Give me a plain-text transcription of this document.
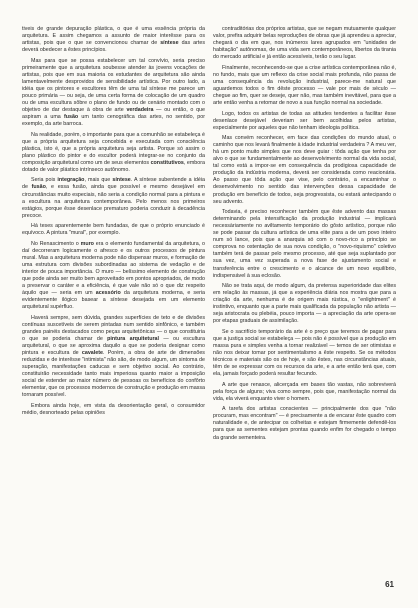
tiveis de grande depuração plástica, o que é uma essência própria da arquitetura. E assim chegamos a assunto de maior interêsse para os artistas, pois que o que se convencionou chamar de síntese das artes deverá obedecer a êstes princípios.

Mas para que se possa estabelecer um tal convívio, seria preciso primeiramente que a arquitetura soubesse atender às jovens vocações de artistas, pois que em sua maioria os estudantes de arquitetura são ainda lamentavelmente desprovidos de sensibilidade artística. Por outro lado, a idéia que os pintores e escultores têm de uma tal síntese me parece um pouco primária — ou seja, de uma certa forma de colocação de um quadro ou de uma escultura sôbre o plano de fundo ou de cenário montado com o objetivo de dar destaque à obra de arte verdadeira — ou então, o que aspiram a uma fusão um tanto cenográfica das artes, no sentido, por exemplo, da arte barroca.

Na realidade, porém, o importante para que a comunhão se estabeleça é que a própria arquitetura seja concebida e executada com consciência plástica, isto é, que a própria arquitetura seja artista. Porque só assim o plano plástico do pintor e do escultor poderá integrar-se no conjunto da composição arquitetural como um de seus elementos constitutivos, embora dotado de valor plástico intrínseco autônomo.

Seria pois integração, mais que síntese. A síntese subentende a idéia de fusão, e essa fusão, ainda que possível e mesmo desejável em circunstâncias muito especiais, não seria a condição normal para a pintura e a escultura na arquitetura contemporânea. Pelo menos nos primeiros estágios, porque êsse desenlace prematuro poderia conduzir à decadência precoce.

Há teses aparentemente bem fundadas, de que o próprio enunciado é equívoco. A pintura "mural", por exemplo.

No Renascimento o muro era o elemento fundamental da arquitetura, o daí decorreram logicamente o afresco e os outros processos de pintura mural. Mas a arquitetura moderna pode não dispensar muros, e formação de uma estrutura com divisões subordinadas ao sistema de vedação e de interior de pouca importância. O muro — belíssimo elemento de construção que pode ainda ser muito bem aproveitado em pontos apropriados, de modo a preservar o caráter e a eficiência, é que vale não só o que diz respeito àquilo que — seria em um acessório da arquitetura moderna, e seria evidentemente ilógico basear a síntese desejada em um elemento arquitetural supérfluo.

Haverá sempre, sem dúvida, grandes superfícies de teto e de divisões contínuas suscetíveis de serem pintadas num sentido sinfônico, e também grandes painéis destacados como peças arquitetônicas — o que constituiria o que se poderia chamar de pintura arquitetural — ou escultura arquitetural, o que se aproxima daquilo a que se poderia designar como pintura e escultura de cavalete. Porém, a obra de arte de dimensões reduzidas e de interêsse "intimista" não são, de modo algum, um sintoma de superação, manifestações caducas e sem objetivo social. Ao contrário, constituirão necessidade tanto mais imperiosa quanto maior a imposição social de estender ao maior número de pessoas os benefícios do confôrto elementar, que os processos modernos de construção e produção em massa tornaram possível.

Embora ainda hoje, em vista da desorientação geral, o consumidor médio, desnorteado pelas opiniões

contraditórias dos próprios artistas, que se negam mutuamente qualquer valor, prefira adquirir belas reproduções de obras que já aprendeu a apreciar, chegará o dia em que, nos inúmeros lares agrupados em "unidades de habitação" autônomas, de uma vida sem contemporâneos, libertos da tirania do mercado artificial e já então acessíveis, terão o seu lugar.

Finalmente, reconhecendo-se que a crise artística contemporânea não é, no fundo, mais que um reflexo da crise social mais profunda, não passa de uma consequência da revolução industrial, parece-me natural que aguardemos todos o fim dêste processo — vale por mais de século — chegue ao fim, quer se deseje, quer não, mas também inevitável, para que a arte então venha a retomar de novo a sua função normal na sociedade.

Logo, todos os artistas de todas as atitudes tendentes a facilitar êsse desenlace desejável deveriam ser bem acolhidas pelos artistas, especialmente por aqueles que não tenham ideologia política.

Mas convém reconhecer, em face das condições do mundo atual, o caminho que nos levará finalmente à idade industrial verdadeira ? A meu ver, há um ponto muito simples que nos deve guiar : tôda ação que tenha por alvo o que se fundamentalmente ao desenvolvimento normal da vida social, tal como está a impor-se em consequência da prodigiosa capacidade de produção da indústria moderna, deverá ser considerada como reacionária. Ao passo que tôda ação que vise, pelo contrário, a encaminhar o desenvolvimento no sentido das intervenções dessa capacidade de produção em benefício de todos, seja progressista, ou estará antecipando o seu advento.

Todavia, é preciso reconhecer também que êste advento das massas determinando pela intensificação da produção industrial — implicará necessàriamente no aviltamento temporário do gôsto artístico, porque não se pode passar da cultura artística de uma elite para a de um povo inteiro num só lance, pois que a anarquia só com o novo-rico a princípio se comprova no ostentação de sua nova condição, o "novo-riquismo" coletivo também terá de passar pelo mesmo processo, até que seja suplantado por sua vez, uma vez superada a nova fase de ajustamento social e transferência entre o crescimento e o alcance de um novo equilíbrio, indispensável à sua eclosão.

Não se trata aqui, de modo algum, da pretensa superioridade das elites em relação às massas, já que a experiência diária nos mostra que para a criação da arte, nenhuma é de origem mais rústica, o "enlightment" é instintivo, enquanto que a parte mais qualificada da população não artista — seja aristocrata ou plebéia, pouco importa — a apreciação da arte opera-se por etapas graduais de assimilação.

Se o sacrifício temporário da arte é o preço que teremos de pagar para que a justiça social se estabeleça — pois não é possível que a produção em massa pura e simples venha a tornar realizável — temos de ser otimistas e não nos deixar tomar por sentimentalismo a êste respeito. Se os métodos técnicos e materiais são os de hoje, e são êstes, nas circunstâncias atuais, têm de se expressar com os recursos da arte, e a arte então terá que, com ela, jamais forçado poderá resultar fecundo.

A arte que renasce, alicerçada em bases tão vastas, não sobreviverá pela força de alguns; viva como sempre, pois que, manifestação normal da vida, ela viverá enquanto viver o homem.

A tarefa dos artistas conscientes — principalmente dos que "não procuram, mas encontram" — é precisamente a de encarar êste quadro com naturalidade e, de antecipar os colheitas e estejam firmemente defendê-los para que as sementes estejam prontas quando enfim for chegado o tempo da grande sementeira.

61
